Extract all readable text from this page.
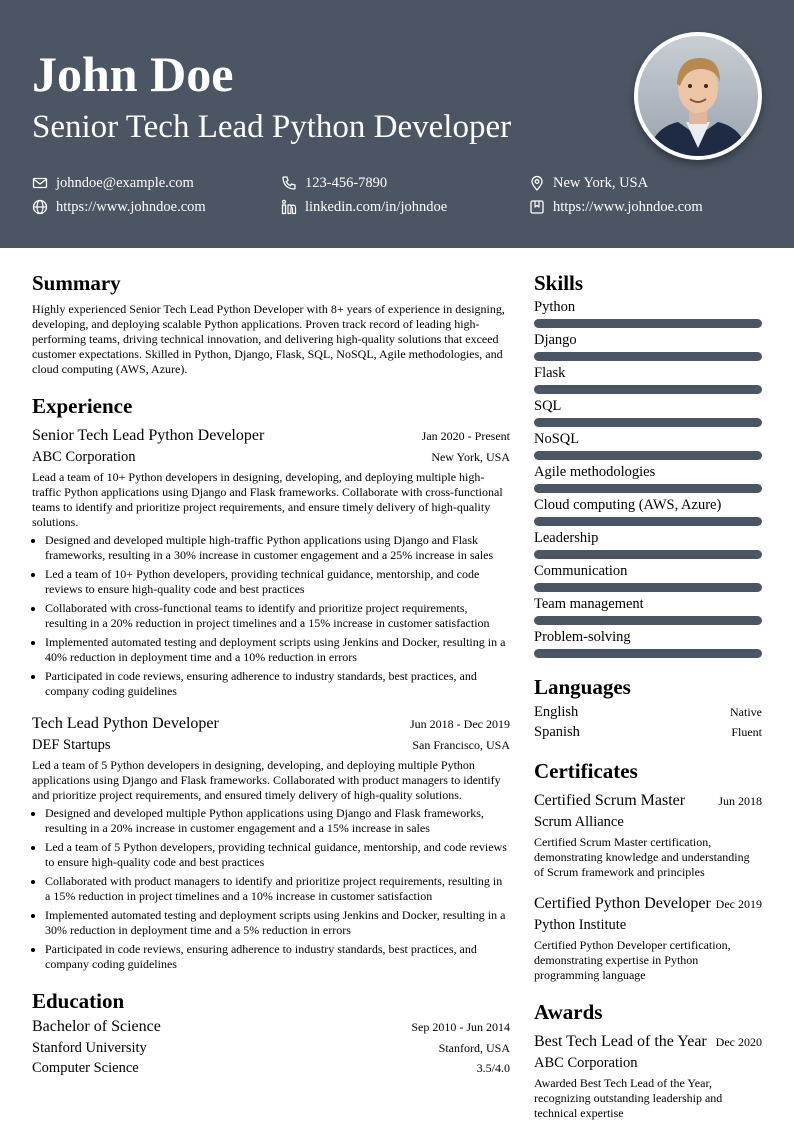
John Doe
Senior Tech Lead Python Developer
johndoe@example.com	123-456-7890	New York, USA
https://www.johndoe.com	linkedin.com/in/johndoe	https://www.johndoe.com
Summary
Highly experienced Senior Tech Lead Python Developer with 8+ years of experience in designing, developing, and deploying scalable Python applications. Proven track record of leading high-performing teams, driving technical innovation, and delivering high-quality solutions that exceed customer expectations. Skilled in Python, Django, Flask, SQL, NoSQL, Agile methodologies, and cloud computing (AWS, Azure).
Experience
Senior Tech Lead Python Developer	Jan 2020 - Present
ABC Corporation	New York, USA
Lead a team of 10+ Python developers in designing, developing, and deploying multiple high-traffic Python applications using Django and Flask frameworks. Collaborate with cross-functional teams to identify and prioritize project requirements, and ensure timely delivery of high-quality solutions.
• Designed and developed multiple high-traffic Python applications using Django and Flask frameworks, resulting in a 30% increase in customer engagement and a 25% increase in sales
• Led a team of 10+ Python developers, providing technical guidance, mentorship, and code reviews to ensure high-quality code and best practices
• Collaborated with cross-functional teams to identify and prioritize project requirements, resulting in a 20% reduction in project timelines and a 15% increase in customer satisfaction
• Implemented automated testing and deployment scripts using Jenkins and Docker, resulting in a 40% reduction in deployment time and a 10% reduction in errors
• Participated in code reviews, ensuring adherence to industry standards, best practices, and company coding guidelines
Tech Lead Python Developer	Jun 2018 - Dec 2019
DEF Startups	San Francisco, USA
Led a team of 5 Python developers in designing, developing, and deploying multiple Python applications using Django and Flask frameworks. Collaborated with product managers to identify and prioritize project requirements, and ensured timely delivery of high-quality solutions.
• Designed and developed multiple Python applications using Django and Flask frameworks, resulting in a 20% increase in customer engagement and a 15% increase in sales
• Led a team of 5 Python developers, providing technical guidance, mentorship, and code reviews to ensure high-quality code and best practices
• Collaborated with product managers to identify and prioritize project requirements, resulting in a 15% reduction in project timelines and a 10% increase in customer satisfaction
• Implemented automated testing and deployment scripts using Jenkins and Docker, resulting in a 30% reduction in deployment time and a 5% reduction in errors
• Participated in code reviews, ensuring adherence to industry standards, best practices, and company coding guidelines
Education
Bachelor of Science	Sep 2010 - Jun 2014
Stanford University	Stanford, USA
Computer Science	3.5/4.0
Skills
Python
Django
Flask
SQL
NoSQL
Agile methodologies
Cloud computing (AWS, Azure)
Leadership
Communication
Team management
Problem-solving
Languages
English	Native
Spanish	Fluent
Certificates
Certified Scrum Master	Jun 2018
Scrum Alliance
Certified Scrum Master certification, demonstrating knowledge and understanding of Scrum framework and principles
Certified Python Developer Dec 2019
Python Institute
Certified Python Developer certification, demonstrating expertise in Python programming language
Awards
Best Tech Lead of the Year Dec 2020
ABC Corporation
Awarded Best Tech Lead of the Year, recognizing outstanding leadership and technical expertise
